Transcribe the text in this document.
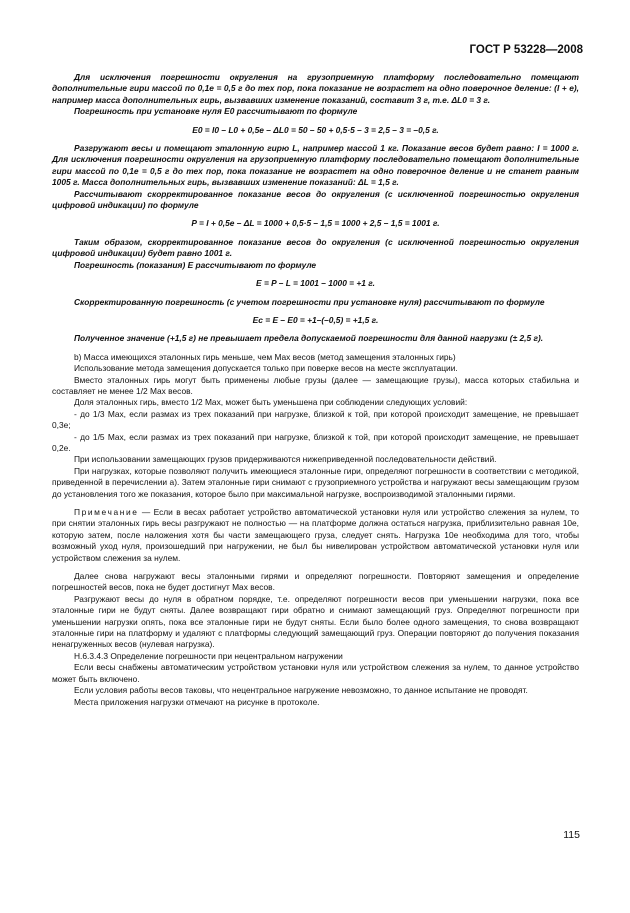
ГОСТ Р 53228—2008

Для исключения погрешности округления на грузоприемную платформу последовательно помещают дополнительные гири массой по 0,1e = 0,5 г до тех пор, пока показание не возрастет на одно поверочное деление: (I + e), например масса дополнительных гирь, вызвавших изменение показаний, составит 3 г, т.е. ΔL0 = 3 г.

Погрешность при установке нуля E0 рассчитывают по формуле

E0 = I0 – L0 + 0,5e – ΔL0 = 50 – 50 + 0,5·5 – 3 = 2,5 – 3 = –0,5 г.

Разгружают весы и помещают эталонную гирю L, например массой 1 кг. Показание весов будет равно: I = 1000 г. Для исключения погрешности округления на грузоприемную платформу последовательно помещают дополнительные гири массой по 0,1e = 0,5 г до тех пор, пока показание не возрастет на одно поверочное деление и не станет равным 1005 г. Масса дополнительных гирь, вызвавших изменение показаний: ΔL = 1,5 г.

Рассчитывают скорректированное показание весов до округления (с исключенной погрешностью округления цифровой индикации) по формуле

P = I + 0,5e – ΔL = 1000 + 0,5·5 – 1,5 = 1000 + 2,5 – 1,5 = 1001 г.

Таким образом, скорректированное показание весов до округления (с исключенной погрешностью округления цифровой индикации) будет равно 1001 г.

Погрешность (показания) E рассчитывают по формуле

E = P – L = 1001 – 1000 = +1 г.

Скорректированную погрешность (с учетом погрешности при установке нуля) рассчитывают по формуле

Ec = E – E0 = +1–(–0,5) = +1,5 г.

Полученное значение (+1,5 г) не превышает предела допускаемой погрешности для данной нагрузки (± 2,5 г).

b) Масса имеющихся эталонных гирь меньше, чем Max весов (метод замещения эталонных гирь)

Использование метода замещения допускается только при поверке весов на месте эксплуатации.

Вместо эталонных гирь могут быть применены любые грузы (далее — замещающие грузы), масса которых стабильна и составляет не менее 1/2 Max весов.

Доля эталонных гирь, вместо 1/2 Max, может быть уменьшена при соблюдении следующих условий:

- до 1/3 Max, если размах из трех показаний при нагрузке, близкой к той, при которой происходит замещение, не превышает 0,3e;

- до 1/5 Max, если размах из трех показаний при нагрузке, близкой к той, при которой происходит замещение, не превышает 0,2e.

При использовании замещающих грузов придерживаются нижеприведенной последовательности действий.

При нагрузках, которые позволяют получить имеющиеся эталонные гири, определяют погрешности в соответствии с методикой, приведенной в перечислении a). Затем эталонные гири снимают с грузоприемного устройства и нагружают весы замещающим грузом до установления того же показания, которое было при максимальной нагрузке, воспроизводимой эталонными гирями.

Примечание — Если в весах работает устройство автоматической установки нуля или устройство слежения за нулем, то при снятии эталонных гирь весы разгружают не полностью — на платформе должна остаться нагрузка, приблизительно равная 10e, которую затем, после наложения хотя бы части замещающего груза, следует снять. Нагрузка 10e необходима для того, чтобы возможный уход нуля, произошедший при нагружении, не был бы нивелирован устройством автоматической установки нуля или устройством слежения за нулем.

Далее снова нагружают весы эталонными гирями и определяют погрешности. Повторяют замещения и определение погрешностей весов, пока не будет достигнут Max весов.

Разгружают весы до нуля в обратном порядке, т.е. определяют погрешности весов при уменьшении нагрузки, пока все эталонные гири не будут сняты. Далее возвращают гири обратно и снимают замещающий груз. Определяют погрешности при уменьшении нагрузки опять, пока все эталонные гири не будут сняты. Если было более одного замещения, то снова возвращают эталонные гири на платформу и удаляют с платформы следующий замещающий груз. Операции повторяют до получения показания ненагруженных весов (нулевая нагрузка).

Н.6.3.4.3 Определение погрешности при нецентральном нагружении

Если весы снабжены автоматическим устройством установки нуля или устройством слежения за нулем, то данное устройство может быть включено.

Если условия работы весов таковы, что нецентральное нагружение невозможно, то данное испытание не проводят.

Места приложения нагрузки отмечают на рисунке в протоколе.

115
